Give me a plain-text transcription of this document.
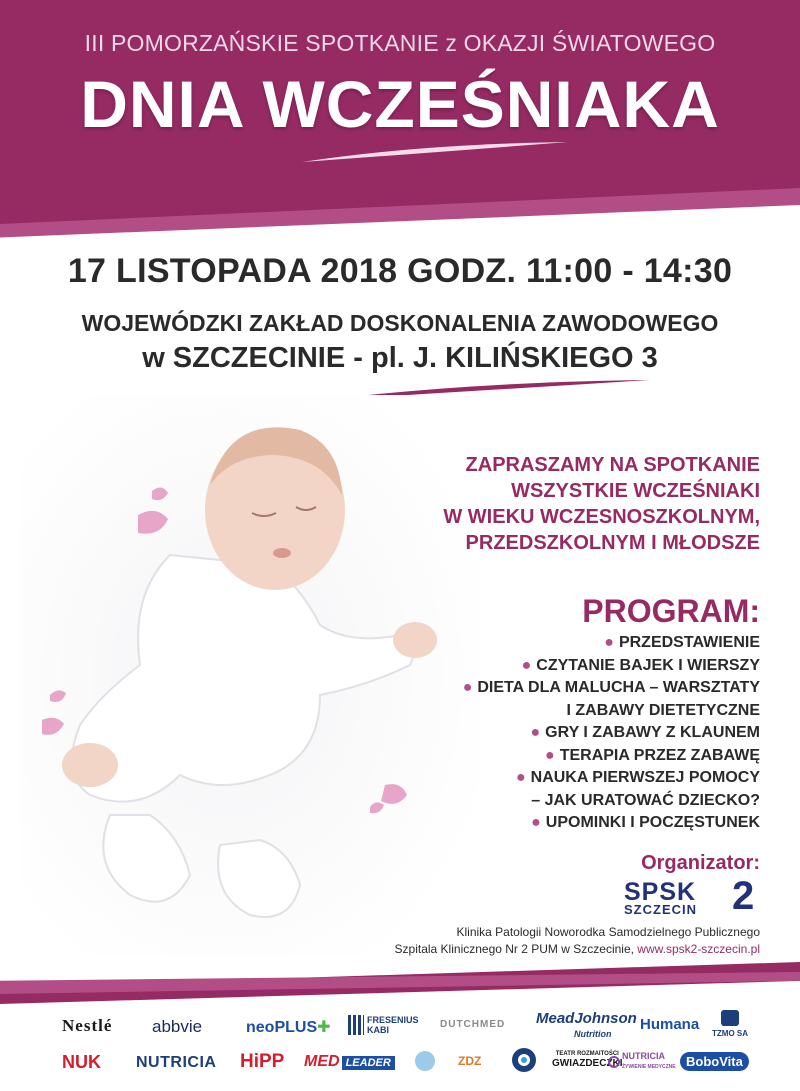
III POMORZAŃSKIE SPOTKANIE z OKAZJI ŚWIATOWEGO
DNIA WCZEŚNIAKA
17 LISTOPADA 2018 GODZ. 11:00 - 14:30
WOJEWÓDZKI ZAKŁAD DOSKONALENIA ZAWODOWEGO
w SZCZECINIE - pl. J. KILIŃSKIEGO 3
ZAPRASZAMY NA SPOTKANIE
WSZYSTKIE WCZEŚNIAKI
W WIEKU WCZESNOSZKOLNYM,
PRZEDSZKOLNYM I MŁODSZE
PROGRAM:
● PRZEDSTAWIENIE
● CZYTANIE BAJEK I WIERSZY
● DIETA DLA MALUCHA – WARSZTATY
I ZABAWY DIETETYCZNE
● GRY I ZABAWY Z KLAUNEM
● TERAPIA PRZEZ ZABAWĘ
● NAUKA PIERWSZEJ POMOCY
– JAK URATOWAĆ DZIECKO?
● UPOMINKI I POCZĘSTUNEK
Organizator:
SPSK
SZCZECIN 2
Klinika Patologii Noworodka Samodzielnego Publicznego
Szpitala Klinicznego Nr 2 PUM w Szczecinie, www.spsk2-szczecin.pl
Nestlé abbvie	neoPLUS✚	FRESENIUS
KABI	DUTCHMED MeadJohnson
Nutrition
Humana

TZMO SA
NUK NUTRICIA HiPP MED LEADER	ZDZ	TEATR ROZMAITOŚCI
GWIAZDECZKI
NUTRICIA
ŻYWIENIE MEDYCZNE BoboVita
